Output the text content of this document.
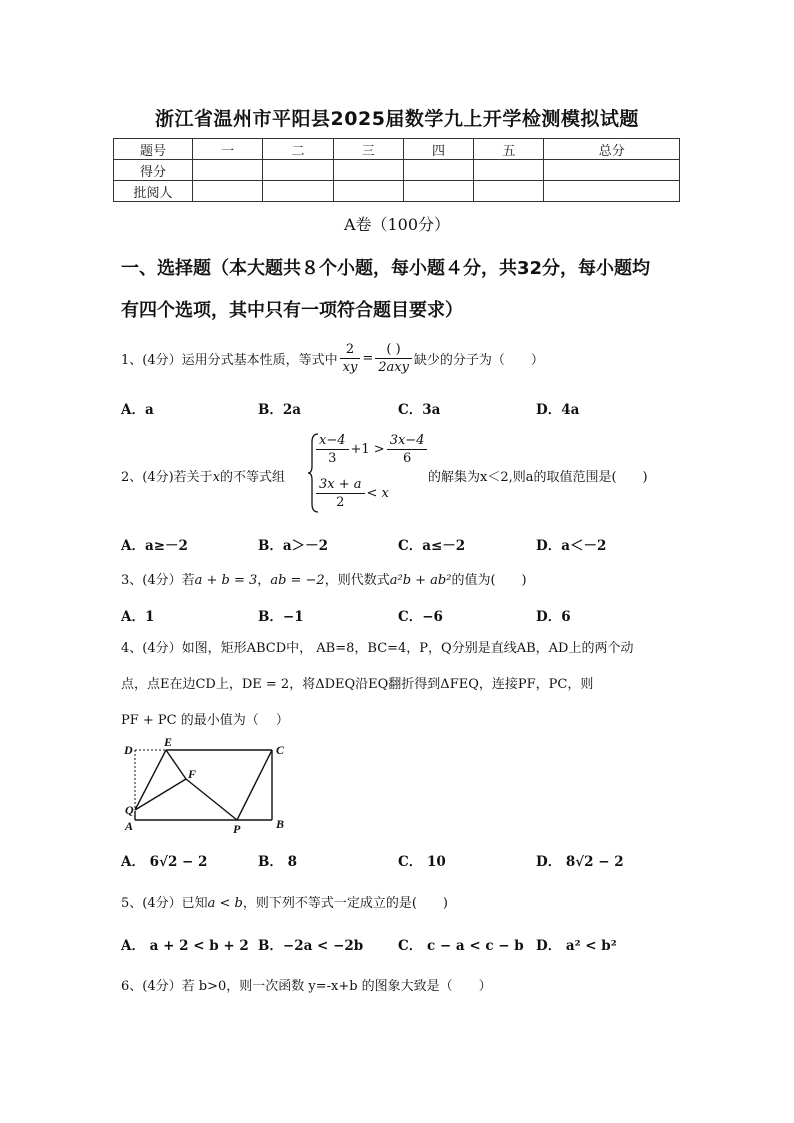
浙江省温州市平阳县2025届数学九上开学检测模拟试题
题号	一	二	三	四	五	总分
得分						
批阅人						
A卷（100分）
一、选择题（本大题共８个小题，每小题４分，共32分，每小题均
有四个选项，其中只有一项符合题目要求）
1、(4分）运用分式基本性质，等式中 $\frac{2}{xy} = \frac{( )}{\text{2axy}}$ 缺少的分子为（　　）
A．a	B．2a	C．3a	D．4a
2、(4分)若关于x的不等式组
$\frac{x-4}{3} +1 > \frac{3x-4}{6}$
$\frac{3x + a}{2} < x$
的解集为x＜2,则a的取值范围是(　　)
A．a≥－2	B．a＞－2	C．a≤－2	D．a＜－2
3、(4分）若a + b = 3，ab = −2，则代数式a²b + ab²的值为(　　)
A．1	B．−1	C．−6	D．6
4、(4分）如图，矩形ABCD中， AB=8，BC=4，P，Q分别是直线AB，AD上的两个动
点，点E在边CD上，DE = 2，将ΔDEQ沿EQ翻折得到ΔFEQ，连接PF，PC，则
PF + PC 的最小值为（　 ）
D
E
C
F
Q
A	P	B
A． 6√2 − 2	B． 8	C． 10	D． 8√2 − 2
5、(4分）已知a < b，则下列不等式一定成立的是(　　)
A． a + 2 < b + 2 B．−2a < −2b	C． c − a < c − b D． a² < b²
6、(4分）若 b>0，则一次函数 y=-x+b 的图象大致是（　　）
